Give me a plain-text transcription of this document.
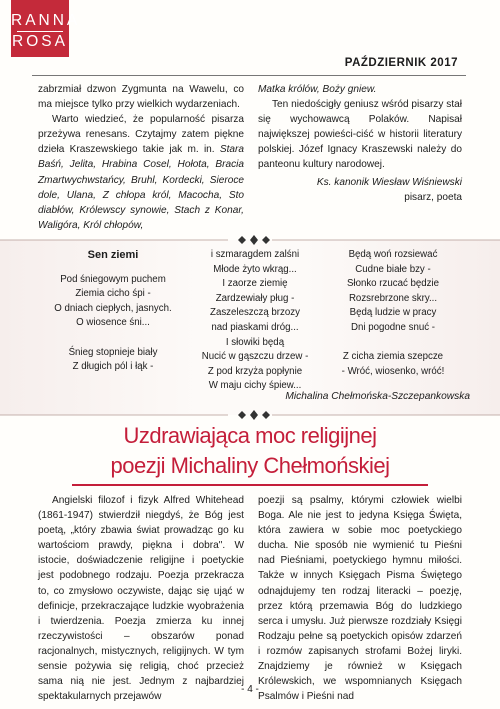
RANNA
ROSA
PAŹDZIERNIK 2017

zabrzmiał dzwon Zygmunta na Wawelu, co ma miejsce tylko przy wielkich wydarzeniach.

Warto wiedzieć, że popularność pisarza przeżywa renesans. Czytajmy zatem piękne dzieła Kraszewskiego takie jak m. in. Stara Baśń, Jelita, Hrabina Cosel, Hołota, Bracia Zmartwychwstańcy, Bruhl, Kordecki, Sieroce dole, Ulana, Z chłopa król, Macocha, Sto diabłów, Królewscy synowie, Stach z Konar, Waligóra, Król chłopów,

Matka królów, Boży gniew.

Ten niedościgły geniusz wśród pisarzy stał się wychowawcą Polaków. Napisał największej powieści-ciść w historii literatury polskiej. Józef Ignacy Kraszewski należy do panteonu kultury narodowej.

Ks. kanonik Wiesław Wiśniewski

pisarz, poeta

Sen ziemi
Pod śniegowym puchem
Ziemia cicho śpi -
O dniach ciepłych, jasnych.
O wiosence śni...

Śnieg stopnieje biały
Z długich pól i łąk -
i szmaragdem zalśni
Młode żyto wkrąg...
I zaorze ziemię
Zardzewiały pług -
Zaszeleszczą brzozy
nad piaskami dróg...
I słowiki będą
Nucić w gąszczu drzew -
Z pod krzyża popłynie
W maju cichy śpiew...
Będą woń rozsiewać
Cudne białe bzy -
Słonko rzucać będzie
Rozsrebrzone skry...
Będą ludzie w pracy
Dni pogodne snuć -

Z cicha ziemia szepcze
- Wróć, wiosenko, wróć!
Michalina Chełmońska-Szczepankowska
Uzdrawiająca moc religijnej
poezji Michaliny Chełmońskiej
Angielski filozof i fizyk Alfred Whitehead (1861-1947) stwierdził niegdyś, że Bóg jest poetą, „który zbawia świat prowadząc go ku wartościom prawdy, piękna i dobra". W istocie, doświadczenie religijne i poetyckie jest podobnego rodzaju. Poezja przekracza to, co zmysłowo oczywiste, dając się ująć w definicje, przekraczające ludzkie wyobrażenia i twierdzenia. Poezja zmierza ku innej rzeczywistości – obszarów ponad racjonalnych, mistycznych, religijnych. W tym sensie pożywia się religią, choć przecież sama nią nie jest. Jednym z najbardziej spektakularnych przejawów
poezji są psalmy, którymi człowiek wielbi Boga. Ale nie jest to jedyna Księga Święta, która zawiera w sobie moc poetyckiego ducha. Nie sposób nie wymienić tu Pieśni nad Pieśniami, poetyckiego hymnu miłości. Także w innych Księgach Pisma Świętego odnajdujemy ten rodzaj literacki – poezję, przez którą przemawia Bóg do ludzkiego serca i umysłu. Już pierwsze rozdziały Księgi Rodzaju pełne są poetyckich opisów zdarzeń i rozmów zapisanych strofami Bożej liryki. Znajdziemy je również w Księgach Królewskich, we wspomnianych Księgach Psalmów i Pieśni nad
- 4 -
